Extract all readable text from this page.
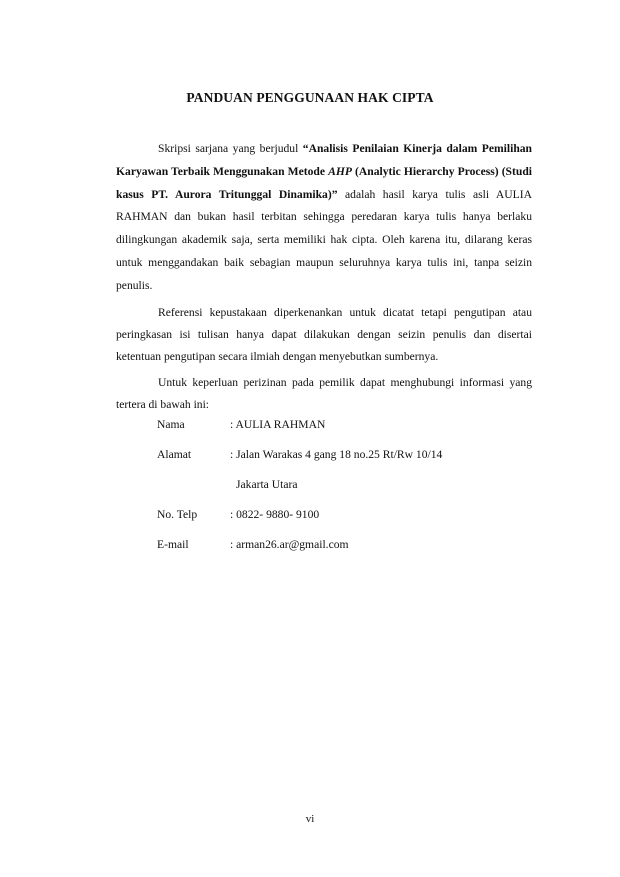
PANDUAN PENGGUNAAN HAK CIPTA

Skripsi sarjana yang berjudul “Analisis Penilaian Kinerja dalam Pemilihan Karyawan Terbaik Menggunakan Metode AHP (Analytic Hierarchy Process) (Studi kasus PT. Aurora Tritunggal Dinamika)” adalah hasil karya tulis asli AULIA RAHMAN dan bukan hasil terbitan sehingga peredaran karya tulis hanya berlaku dilingkungan akademik saja, serta memiliki hak cipta. Oleh karena itu, dilarang keras untuk menggandakan baik sebagian maupun seluruhnya karya tulis ini, tanpa seizin penulis.

Referensi kepustakaan diperkenankan untuk dicatat tetapi pengutipan atau peringkasan isi tulisan hanya dapat dilakukan dengan seizin penulis dan disertai ketentuan pengutipan secara ilmiah dengan menyebutkan sumbernya.

Untuk keperluan perizinan pada pemilik dapat menghubungi informasi yang tertera di bawah ini:

Nama	: AULIA RAHMAN
Alamat	: Jalan Warakas 4 gang 18 no.25 Rt/Rw 10/14
Jakarta Utara
No. Telp	: 0822- 9880- 9100
E-mail	: arman26.ar@gmail.com
vi
